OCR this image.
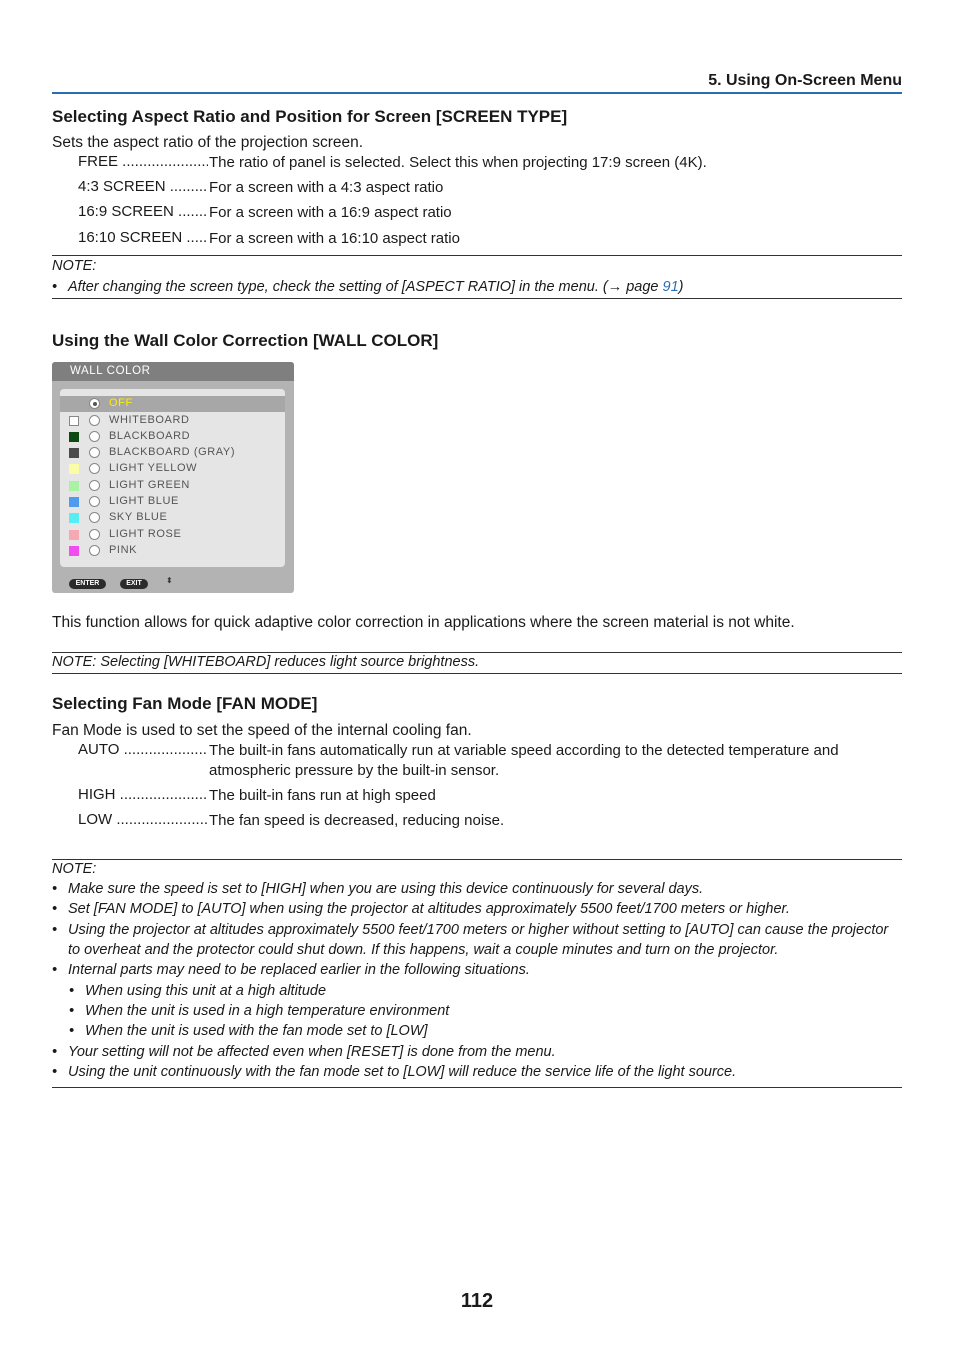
5. Using On-Screen Menu
Selecting Aspect Ratio and Position for Screen [SCREEN TYPE]
Sets the aspect ratio of the projection screen.
FREE .....	The ratio of panel is selected. Select this when projecting 17:9 screen (4K).
4:3 SCREEN .....	For a screen with a 4:3 aspect ratio
16:9 SCREEN .....	For a screen with a 16:9 aspect ratio
16:10 SCREEN .....	For a screen with a 16:10 aspect ratio
NOTE:
• After changing the screen type, check the setting of [ASPECT RATIO] in the menu. (→ page 91)
Using the Wall Color Correction [WALL COLOR]
WALL COLOR
OFF
WHITEBOARD
BLACKBOARD
BLACKBOARD (GRAY)
LIGHT YELLOW
LIGHT GREEN
LIGHT BLUE
SKY BLUE
LIGHT ROSE
PINK
ENTER	EXIT	⬍
This function allows for quick adaptive color correction in applications where the screen material is not white.
NOTE: Selecting [WHITEBOARD] reduces light source brightness.
Selecting Fan Mode [FAN MODE]
Fan Mode is used to set the speed of the internal cooling fan.
AUTO .....	The built-in fans automatically run at variable speed according to the detected temperature and atmospheric pressure by the built-in sensor.
HIGH .....	The built-in fans run at high speed
LOW .....	The fan speed is decreased, reducing noise.
NOTE:
• Make sure the speed is set to [HIGH] when you are using this device continuously for several days.
• Set [FAN MODE] to [AUTO] when using the projector at altitudes approximately 5500 feet/1700 meters or higher.
• Using the projector at altitudes approximately 5500 feet/1700 meters or higher without setting to [AUTO] can cause the projector
to overheat and the protector could shut down. If this happens, wait a couple minutes and turn on the projector.
• Internal parts may need to be replaced earlier in the following situations.
• When using this unit at a high altitude
• When the unit is used in a high temperature environment
• When the unit is used with the fan mode set to [LOW]
• Your setting will not be affected even when [RESET] is done from the menu.
• Using the unit continuously with the fan mode set to [LOW] will reduce the service life of the light source.
112
